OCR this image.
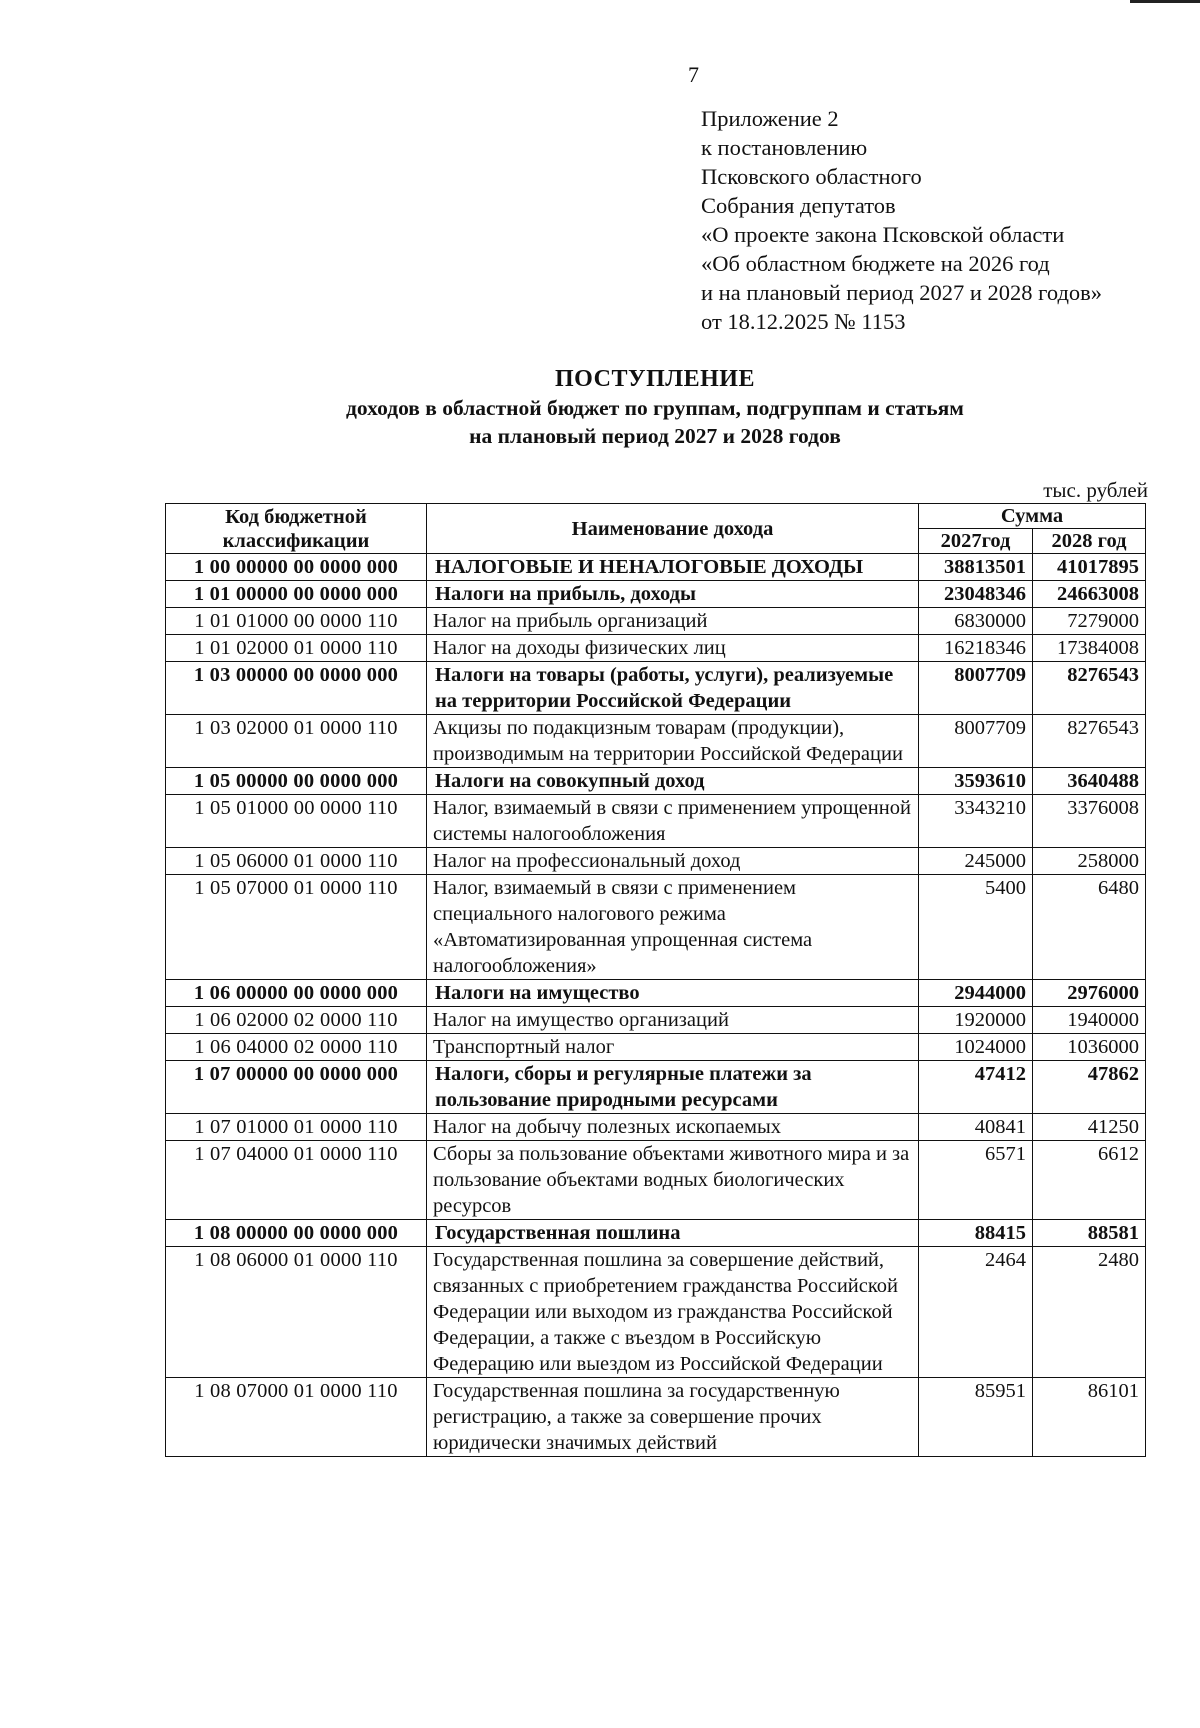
7
Приложение 2
к постановлению
Псковского областного
Собрания депутатов
«О проекте закона Псковской области
«Об областном бюджете на 2026 год
и на плановый период 2027 и 2028 годов»
от 18.12.2025 № 1153
ПОСТУПЛЕНИЕ
доходов в областной бюджет по группам, подгруппам и статьям
на плановый период 2027 и 2028 годов
тыс. рублей
Код бюджетной классификации	Наименование дохода	Сумма	
		2027год	2028 год
1 00 00000 00 0000 000	НАЛОГОВЫЕ И НЕНАЛОГОВЫЕ ДОХОДЫ	38813501	41017895
1 01 00000 00 0000 000	Налоги на прибыль, доходы	23048346	24663008
1 01 01000 00 0000 110	Налог на прибыль организаций	6830000	7279000
1 01 02000 01 0000 110	Налог на доходы физических лиц	16218346	17384008
1 03 00000 00 0000 000	Налоги на товары (работы, услуги), реализуемые на территории Российской Федерации	8007709	8276543
1 03 02000 01 0000 110	Акцизы по подакцизным товарам (продукции), производимым на территории Российской Федерации	8007709	8276543
1 05 00000 00 0000 000	Налоги на совокупный доход	3593610	3640488
1 05 01000 00 0000 110	Налог, взимаемый в связи с применением упрощенной системы налогообложения	3343210	3376008
1 05 06000 01 0000 110	Налог на профессиональный доход	245000	258000
1 05 07000 01 0000 110	Налог, взимаемый в связи с применением специального налогового режима «Автоматизированная упрощенная система налогообложения»	5400	6480
1 06 00000 00 0000 000	Налоги на имущество	2944000	2976000
1 06 02000 02 0000 110	Налог на имущество организаций	1920000	1940000
1 06 04000 02 0000 110	Транспортный налог	1024000	1036000
1 07 00000 00 0000 000	Налоги, сборы и регулярные платежи за пользование природными ресурсами	47412	47862
1 07 01000 01 0000 110	Налог на добычу полезных ископаемых	40841	41250
1 07 04000 01 0000 110	Сборы за пользование объектами животного мира и за пользование объектами водных биологических ресурсов	6571	6612
1 08 00000 00 0000 000	Государственная пошлина	88415	88581
1 08 06000 01 0000 110	Государственная пошлина за совершение действий, связанных с приобретением гражданства Российской Федерации или выходом из гражданства Российской Федерации, а также с въездом в Российскую Федерацию или выездом из Российской Федерации	2464	2480
1 08 07000 01 0000 110	Государственная пошлина за государственную регистрацию, а также за совершение прочих юридически значимых действий	85951	86101
